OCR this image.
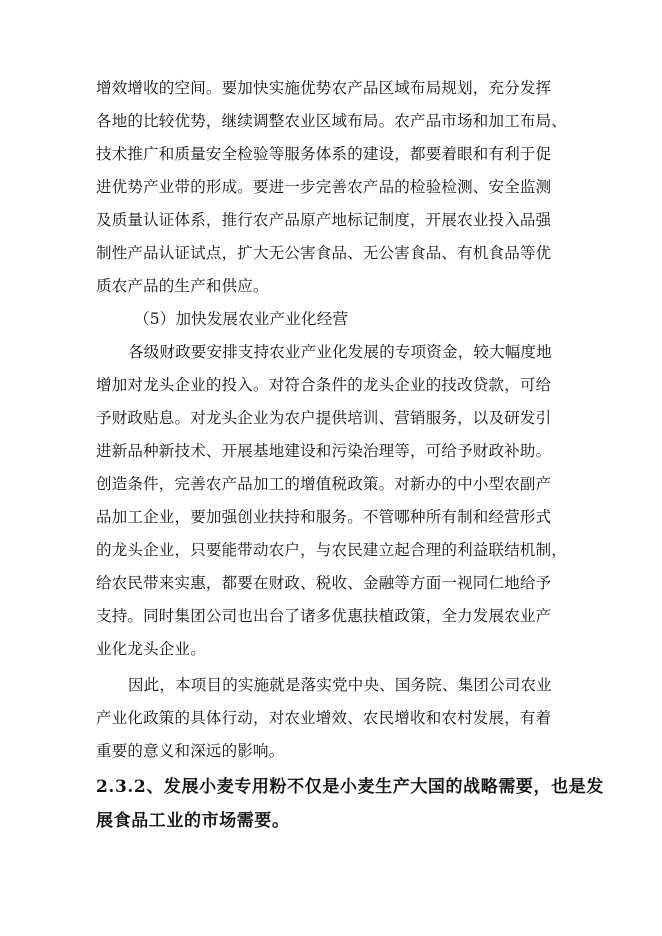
增效增收的空间。要加快实施优势农产品区域布局规划，充分发挥
各地的比较优势，继续调整农业区域布局。农产品市场和加工布局、
技术推广和质量安全检验等服务体系的建设，都要着眼和有利于促
进优势产业带的形成。要进一步完善农产品的检验检测、安全监测
及质量认证体系，推行农产品原产地标记制度，开展农业投入品强
制性产品认证试点，扩大无公害食品、无公害食品、有机食品等优
质农产品的生产和供应。
（5）加快发展农业产业化经营
各级财政要安排支持农业产业化发展的专项资金，较大幅度地
增加对龙头企业的投入。对符合条件的龙头企业的技改贷款，可给
予财政贴息。对龙头企业为农户提供培训、营销服务，以及研发引
进新品种新技术、开展基地建设和污染治理等，可给予财政补助。
创造条件，完善农产品加工的增值税政策。对新办的中小型农副产
品加工企业，要加强创业扶持和服务。不管哪种所有制和经营形式
的龙头企业，只要能带动农户，与农民建立起合理的利益联结机制，
给农民带来实惠，都要在财政、税收、金融等方面一视同仁地给予
支持。同时集团公司也出台了诸多优惠扶植政策，全力发展农业产
业化龙头企业。
因此，本项目的实施就是落实党中央、国务院、集团公司农业
产业化政策的具体行动，对农业增效、农民增收和农村发展，有着
重要的意义和深远的影响。
2.3.2、发展小麦专用粉不仅是小麦生产大国的战略需要，也是发
展食品工业的市场需要。
